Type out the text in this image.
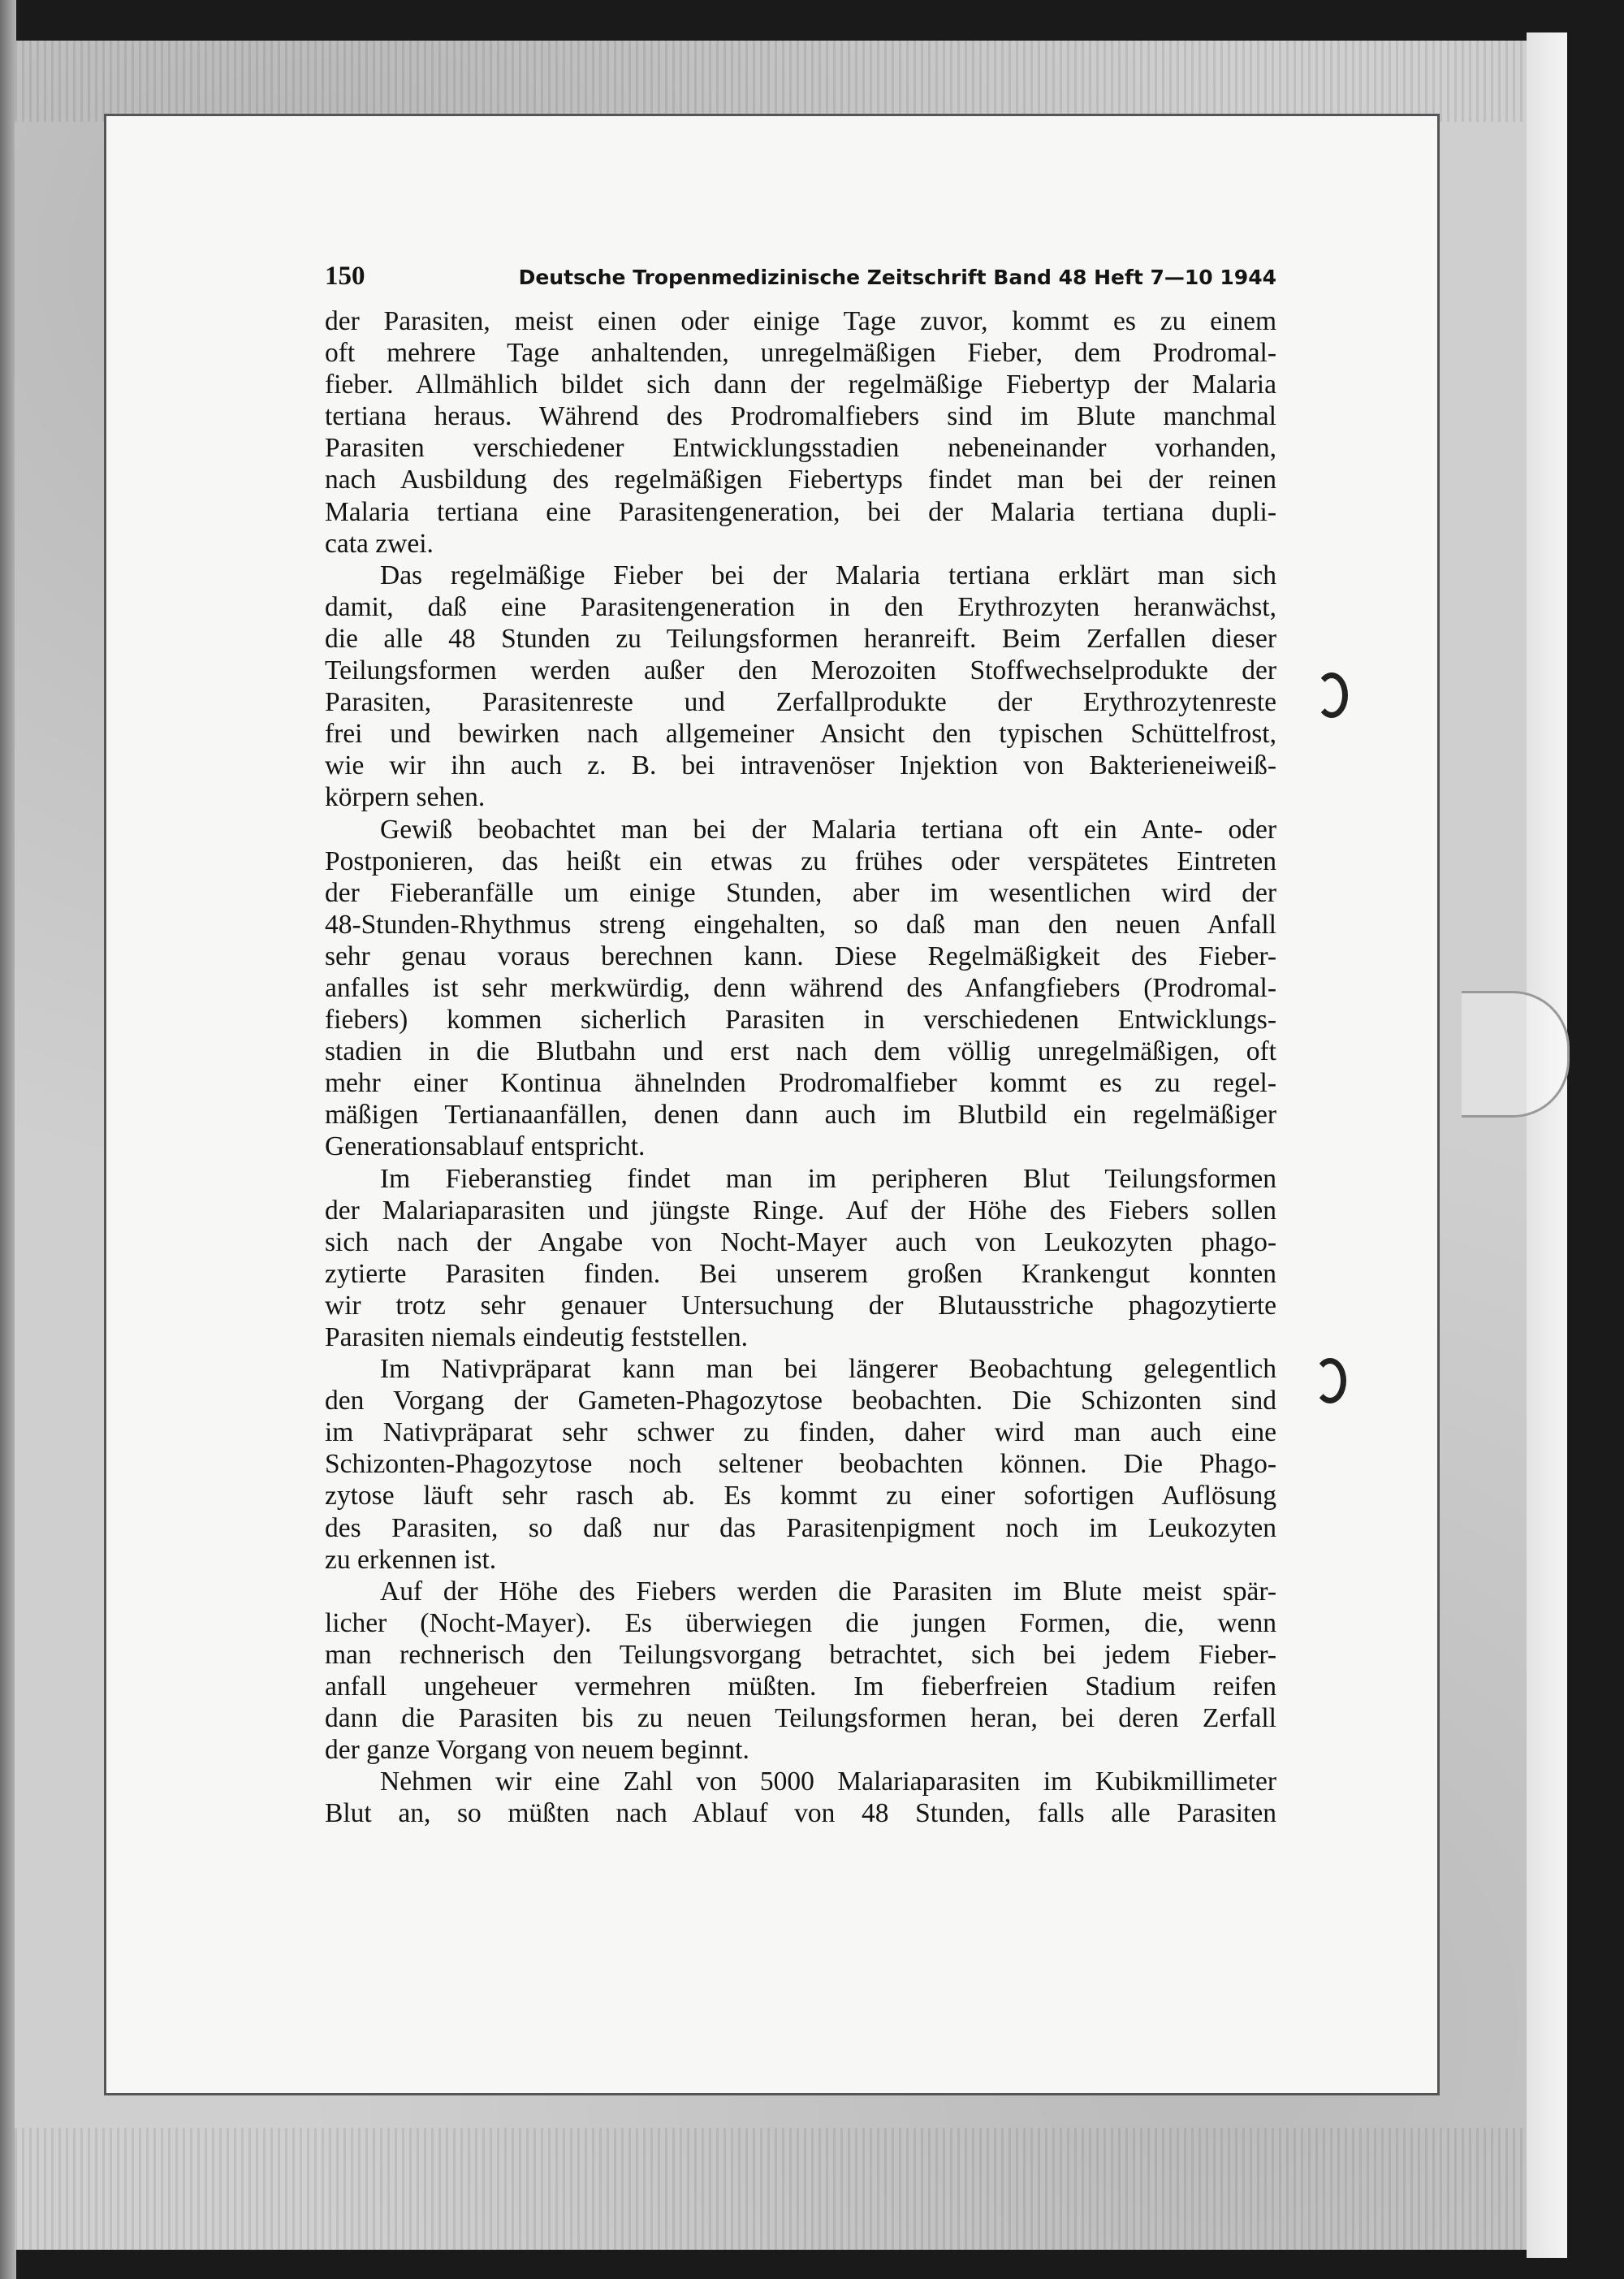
150	Deutsche Tropenmedizinische Zeitschrift Band 48 Heft 7—10 1944
der Parasiten, meist einen oder einige Tage zuvor, kommt es zu einem
oft mehrere Tage anhaltenden, unregelmäßigen Fieber, dem Prodromal-
fieber. Allmählich bildet sich dann der regelmäßige Fiebertyp der Malaria
tertiana heraus. Während des Prodromalfiebers sind im Blute manchmal
Parasiten verschiedener Entwicklungsstadien nebeneinander vorhanden,
nach Ausbildung des regelmäßigen Fiebertyps findet man bei der reinen
Malaria tertiana eine Parasitengeneration, bei der Malaria tertiana dupli-
cata zwei.
Das regelmäßige Fieber bei der Malaria tertiana erklärt man sich
damit, daß eine Parasitengeneration in den Erythrozyten heranwächst,
die alle 48 Stunden zu Teilungsformen heranreift. Beim Zerfallen dieser
Teilungsformen werden außer den Merozoiten Stoffwechselprodukte der
Parasiten, Parasitenreste und Zerfallprodukte der Erythrozytenreste
frei und bewirken nach allgemeiner Ansicht den typischen Schüttelfrost,
wie wir ihn auch z. B. bei intravenöser Injektion von Bakterieneiweiß-
körpern sehen.
Gewiß beobachtet man bei der Malaria tertiana oft ein Ante- oder
Postponieren, das heißt ein etwas zu frühes oder verspätetes Eintreten
der Fieberanfälle um einige Stunden, aber im wesentlichen wird der
48-Stunden-Rhythmus streng eingehalten, so daß man den neuen Anfall
sehr genau voraus berechnen kann. Diese Regelmäßigkeit des Fieber-
anfalles ist sehr merkwürdig, denn während des Anfangfiebers (Prodromal-
fiebers) kommen sicherlich Parasiten in verschiedenen Entwicklungs-
stadien in die Blutbahn und erst nach dem völlig unregelmäßigen, oft
mehr einer Kontinua ähnelnden Prodromalfieber kommt es zu regel-
mäßigen Tertianaanfällen, denen dann auch im Blutbild ein regelmäßiger
Generationsablauf entspricht.
Im Fieberanstieg findet man im peripheren Blut Teilungsformen
der Malariaparasiten und jüngste Ringe. Auf der Höhe des Fiebers sollen
sich nach der Angabe von Nocht-Mayer auch von Leukozyten phago-
zytierte Parasiten finden. Bei unserem großen Krankengut konnten
wir trotz sehr genauer Untersuchung der Blutausstriche phagozytierte
Parasiten niemals eindeutig feststellen.
Im Nativpräparat kann man bei längerer Beobachtung gelegentlich
den Vorgang der Gameten-Phagozytose beobachten. Die Schizonten sind
im Nativpräparat sehr schwer zu finden, daher wird man auch eine
Schizonten-Phagozytose noch seltener beobachten können. Die Phago-
zytose läuft sehr rasch ab. Es kommt zu einer sofortigen Auflösung
des Parasiten, so daß nur das Parasitenpigment noch im Leukozyten
zu erkennen ist.
Auf der Höhe des Fiebers werden die Parasiten im Blute meist spär-
licher (Nocht-Mayer). Es überwiegen die jungen Formen, die, wenn
man rechnerisch den Teilungsvorgang betrachtet, sich bei jedem Fieber-
anfall ungeheuer vermehren müßten. Im fieberfreien Stadium reifen
dann die Parasiten bis zu neuen Teilungsformen heran, bei deren Zerfall
der ganze Vorgang von neuem beginnt.
Nehmen wir eine Zahl von 5000 Malariaparasiten im Kubikmillimeter
Blut an, so müßten nach Ablauf von 48 Stunden, falls alle Parasiten
